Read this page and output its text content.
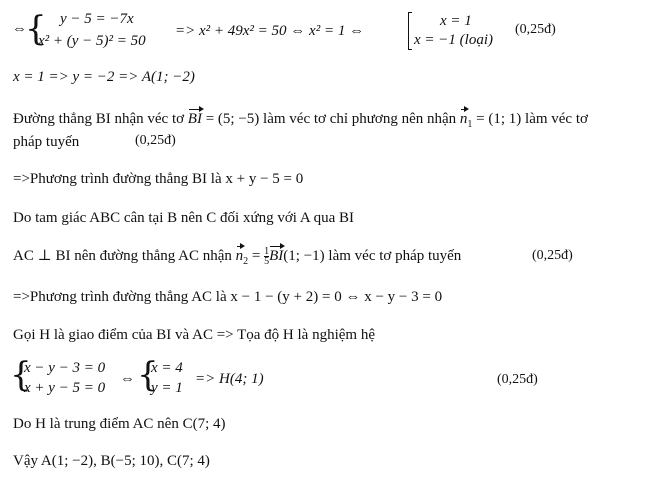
⇔
{ y − 5 = −7x
x² + (y − 5)² = 50
=> x² + 49x² = 50 ⇔ x² = 1 ⇔
x = 1
x = −1 (loại)
(0,25đ)
x = 1 => y = −2 => A(1; −2)
Đường thẳng BI nhận véc tơ BI = (5; −5) làm véc tơ chỉ phương nên nhận $n_1 = (1$; 1) làm véc tơ
pháp tuyến	(0,25đ)
=>Phương trình đường thẳng BI là x + y − 5 = 0
Do tam giác ABC cân tại B nên C đối xứng với A qua BI
AC ⊥ BI nên đường thẳng AC nhận $n_2 = \frac{1}{5} BI(1$; −1) làm véc tơ pháp tuyến	(0,25đ)
=>Phương trình đường thẳng AC là x − 1 − (y + 2) = 0 ⇔ x − y − 3 = 0
Gọi H là giao điểm của BI và AC => Tọa độ H là nghiệm hệ
{
x − y − 3 = 0
x + y − 5 = 0
⇔ {
x = 4
y = 1
=> H(4; 1)	(0,25đ)
Do H là trung điểm AC nên C(7; 4)
Vậy A(1; −2), B(−5; 10), C(7; 4)
